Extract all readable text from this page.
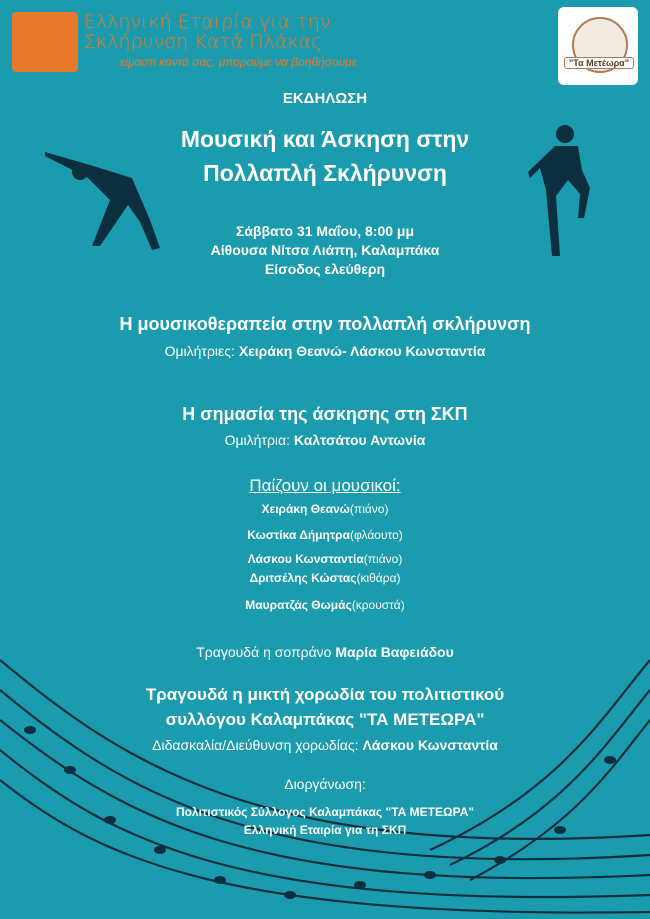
Ελληνική Εταιρία για την
Σκλήρυνση Κατά Πλάκας
είμαστι κοντά σας, μπορούμε να βοηθήσουμε	"Τα Μετέωρα"
ΕΚΔΗΛΩΣΗ
Μουσική και Άσκηση στην
Πολλαπλή Σκλήρυνση
Σάββατο 31 Μαΐου, 8:00 μμ
Αίθουσα Νίτσα Λιάπη, Καλαμπάκα
Είσοδος ελεύθερη
Η μουσικοθεραπεία στην πολλαπλή σκλήρυνση
Ομιλήτριες: Χειράκη Θεανώ- Λάσκου Κωνσταντία
Η σημασία της άσκησης στη ΣΚΠ
Ομιλήτρια: Καλτσάτου Αντωνία
Παίζουν οι μουσικοί:
Χειράκη Θεανώ(πιάνο)
Κωστίκα Δήμητρα(φλάουτο)
Λάσκου Κωνσταντία(πιάνο)
Δριτσέλης Κώστας(κιθάρα)
Μαυρατζάς Θωμάς(κρουστά)
Τραγουδά η σοπράνο Μαρία Βαφειάδου
Τραγουδά η μικτή χορωδία του πολιτιστικού
συλλόγου Καλαμπάκας "ΤΑ ΜΕΤΕΩΡΑ"
Διδασκαλία/Διεύθυνση χορωδίας: Λάσκου Κωνσταντία
Διοργάνωση:
Πολιτιστικός Σύλλογος Καλαμπάκας "ΤΑ ΜΕΤΕΩΡΑ"
Ελληνική Εταιρία για τη ΣΚΠ
